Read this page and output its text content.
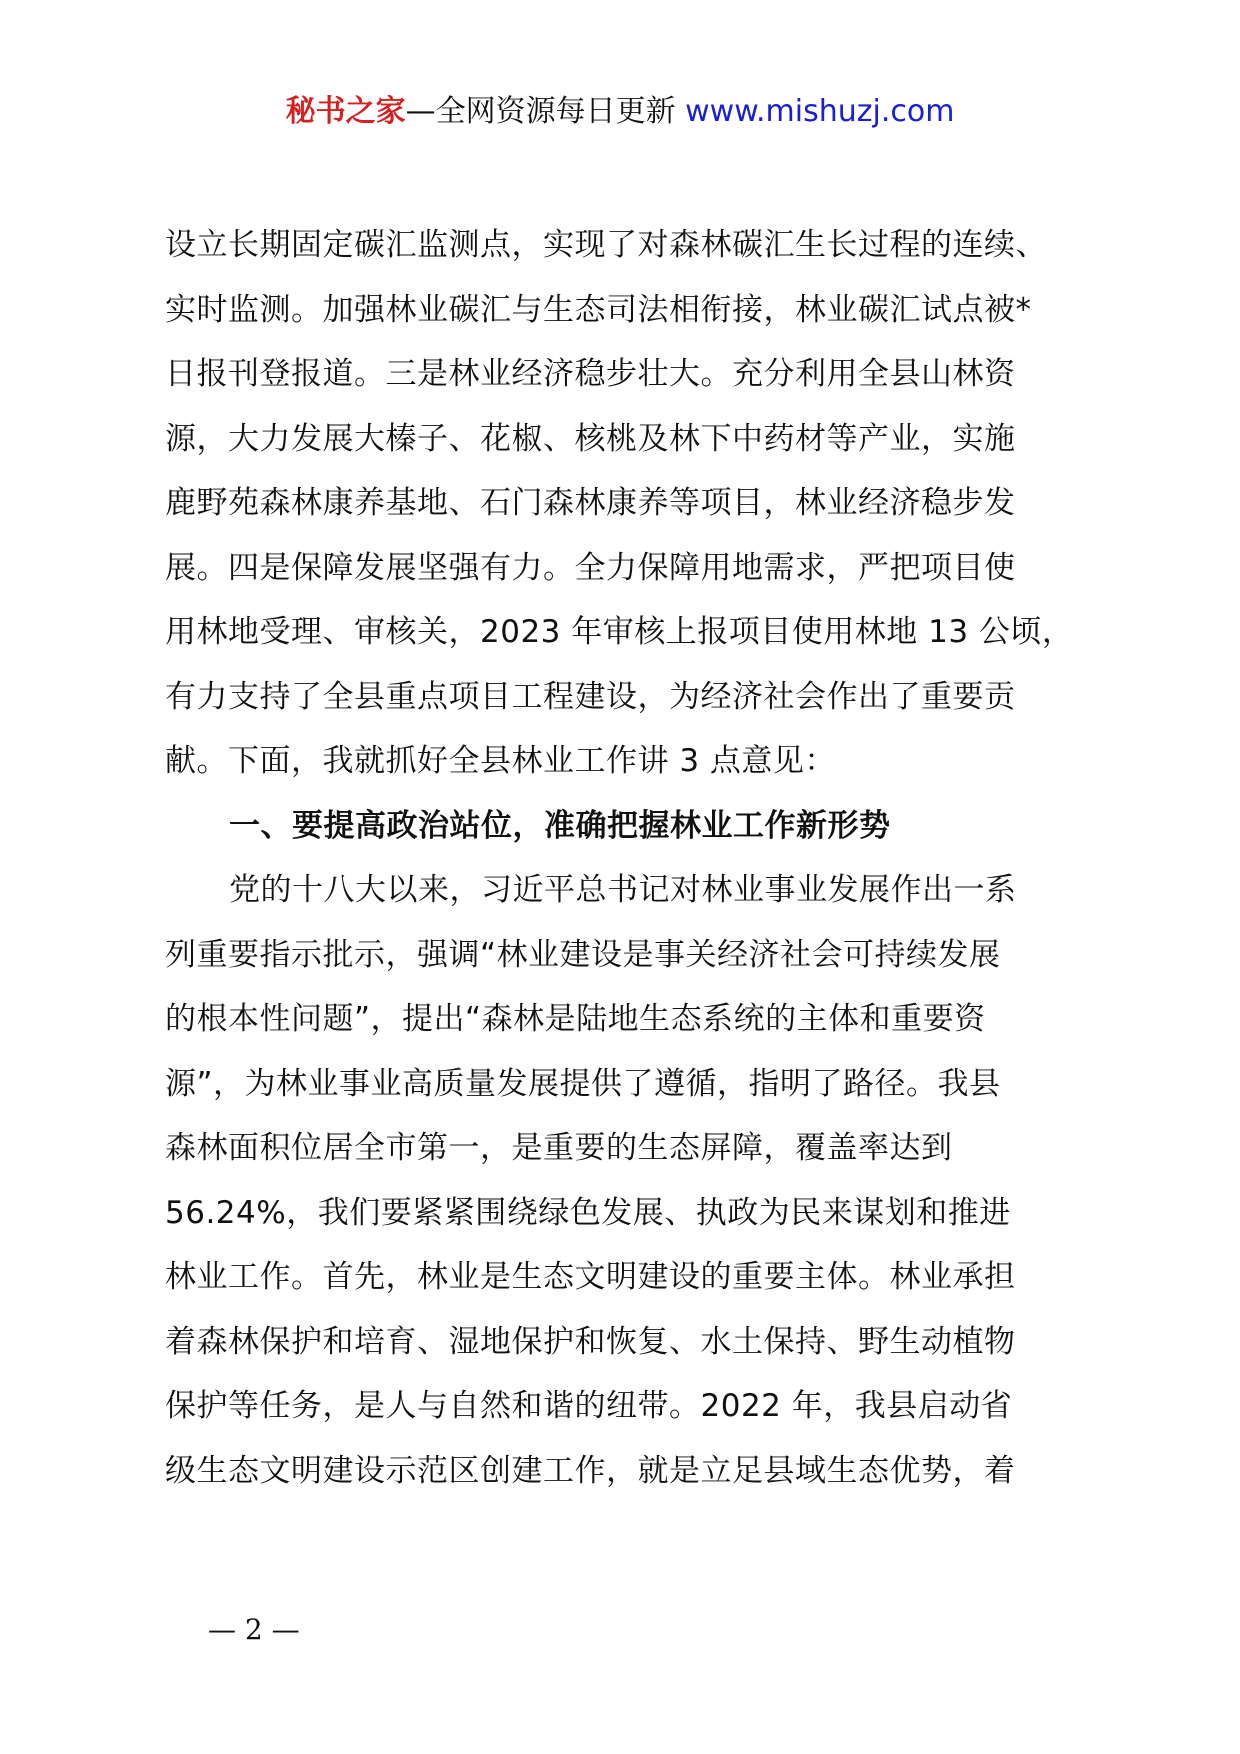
秘书之家—全网资源每日更新 www.mishuzj.com
设立长期固定碳汇监测点，实现了对森林碳汇生长过程的连续、
实时监测。加强林业碳汇与生态司法相衔接，林业碳汇试点被*
日报刊登报道。三是林业经济稳步壮大。充分利用全县山林资
源，大力发展大榛子、花椒、核桃及林下中药材等产业，实施
鹿野苑森林康养基地、石门森林康养等项目，林业经济稳步发
展。四是保障发展坚强有力。全力保障用地需求，严把项目使
用林地受理、审核关，2023 年审核上报项目使用林地 13 公顷，
有力支持了全县重点项目工程建设，为经济社会作出了重要贡
献。下面，我就抓好全县林业工作讲 3 点意见：
一、要提高政治站位，准确把握林业工作新形势
党的十八大以来，习近平总书记对林业事业发展作出一系
列重要指示批示，强调“林业建设是事关经济社会可持续发展
的根本性问题”，提出“森林是陆地生态系统的主体和重要资
源”，为林业事业高质量发展提供了遵循，指明了路径。我县
森林面积位居全市第一，是重要的生态屏障，覆盖率达到
56.24%，我们要紧紧围绕绿色发展、执政为民来谋划和推进
林业工作。首先，林业是生态文明建设的重要主体。林业承担
着森林保护和培育、湿地保护和恢复、水土保持、野生动植物
保护等任务，是人与自然和谐的纽带。2022 年，我县启动省
级生态文明建设示范区创建工作，就是立足县域生态优势，着
— 2 —
